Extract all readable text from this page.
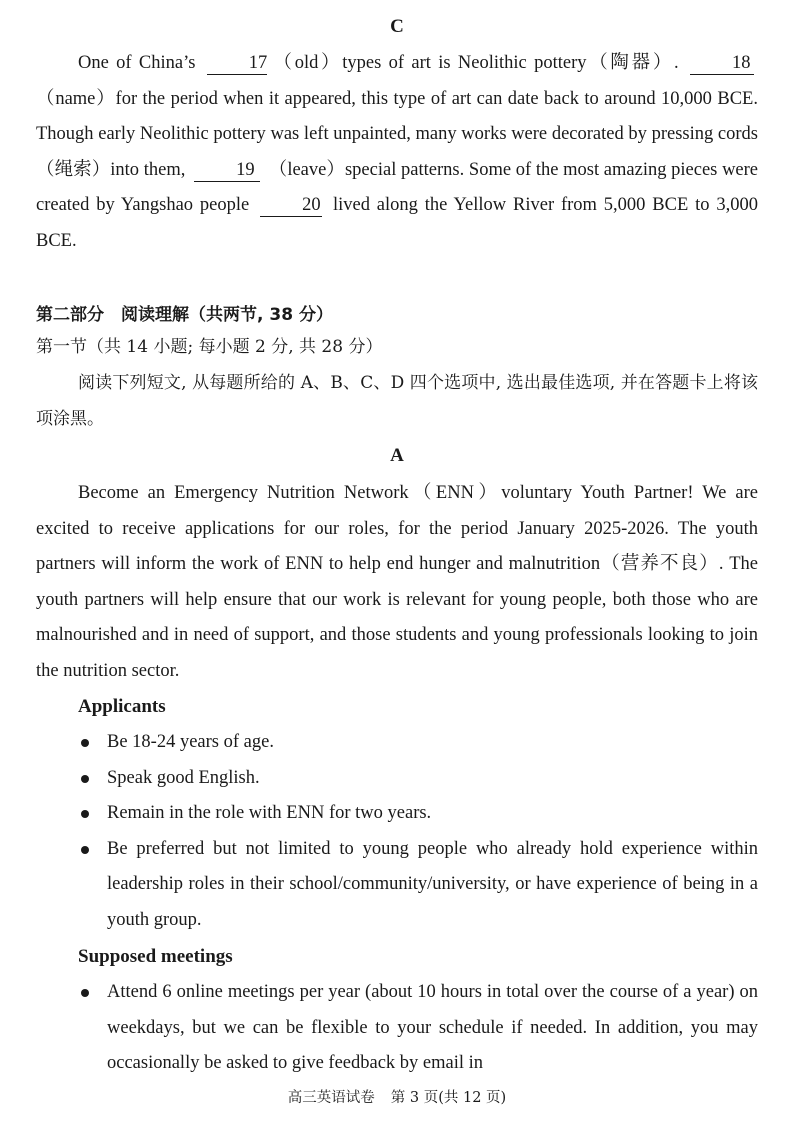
C

One of China’s	17 （old）types of art is Neolithic pottery（陶器）.	18 （name）for the period when it appeared, this type of art can date back to around 10,000 BCE. Though early Neolithic pottery was left unpainted, many works were decorated by pressing cords（绳索）into them,	19 （leave）special patterns. Some of the most amazing pieces were created by Yangshao people	20 lived along the Yellow River from 5,000 BCE to 3,000 BCE.

第二部分　阅读理解（共两节, 38 分）
第一节（共 14 小题; 每小题 2 分, 共 28 分）

阅读下列短文, 从每题所给的 A、B、C、D 四个选项中, 选出最佳选项, 并在答题卡上将该项涂黑。

A

Become an Emergency Nutrition Network（ENN）voluntary Youth Partner! We are excited to receive applications for our roles, for the period January 2025-2026. The youth partners will inform the work of ENN to help end hunger and malnutrition（营养不良）. The youth partners will help ensure that our work is relevant for young people, both those who are malnourished and in need of support, and those students and young professionals looking to join the nutrition sector.

Applicants
Be 18-24 years of age.
Speak good English.
Remain in the role with ENN for two years.
Be preferred but not limited to young people who already hold experience within leadership roles in their school/community/university, or have experience of being in a youth group.
Supposed meetings
Attend 6 online meetings per year (about 10 hours in total over the course of a year) on weekdays, but we can be flexible to your schedule if needed. In addition, you may occasionally be asked to give feedback by email in
高三英语试卷 第 3 页(共 12 页)
